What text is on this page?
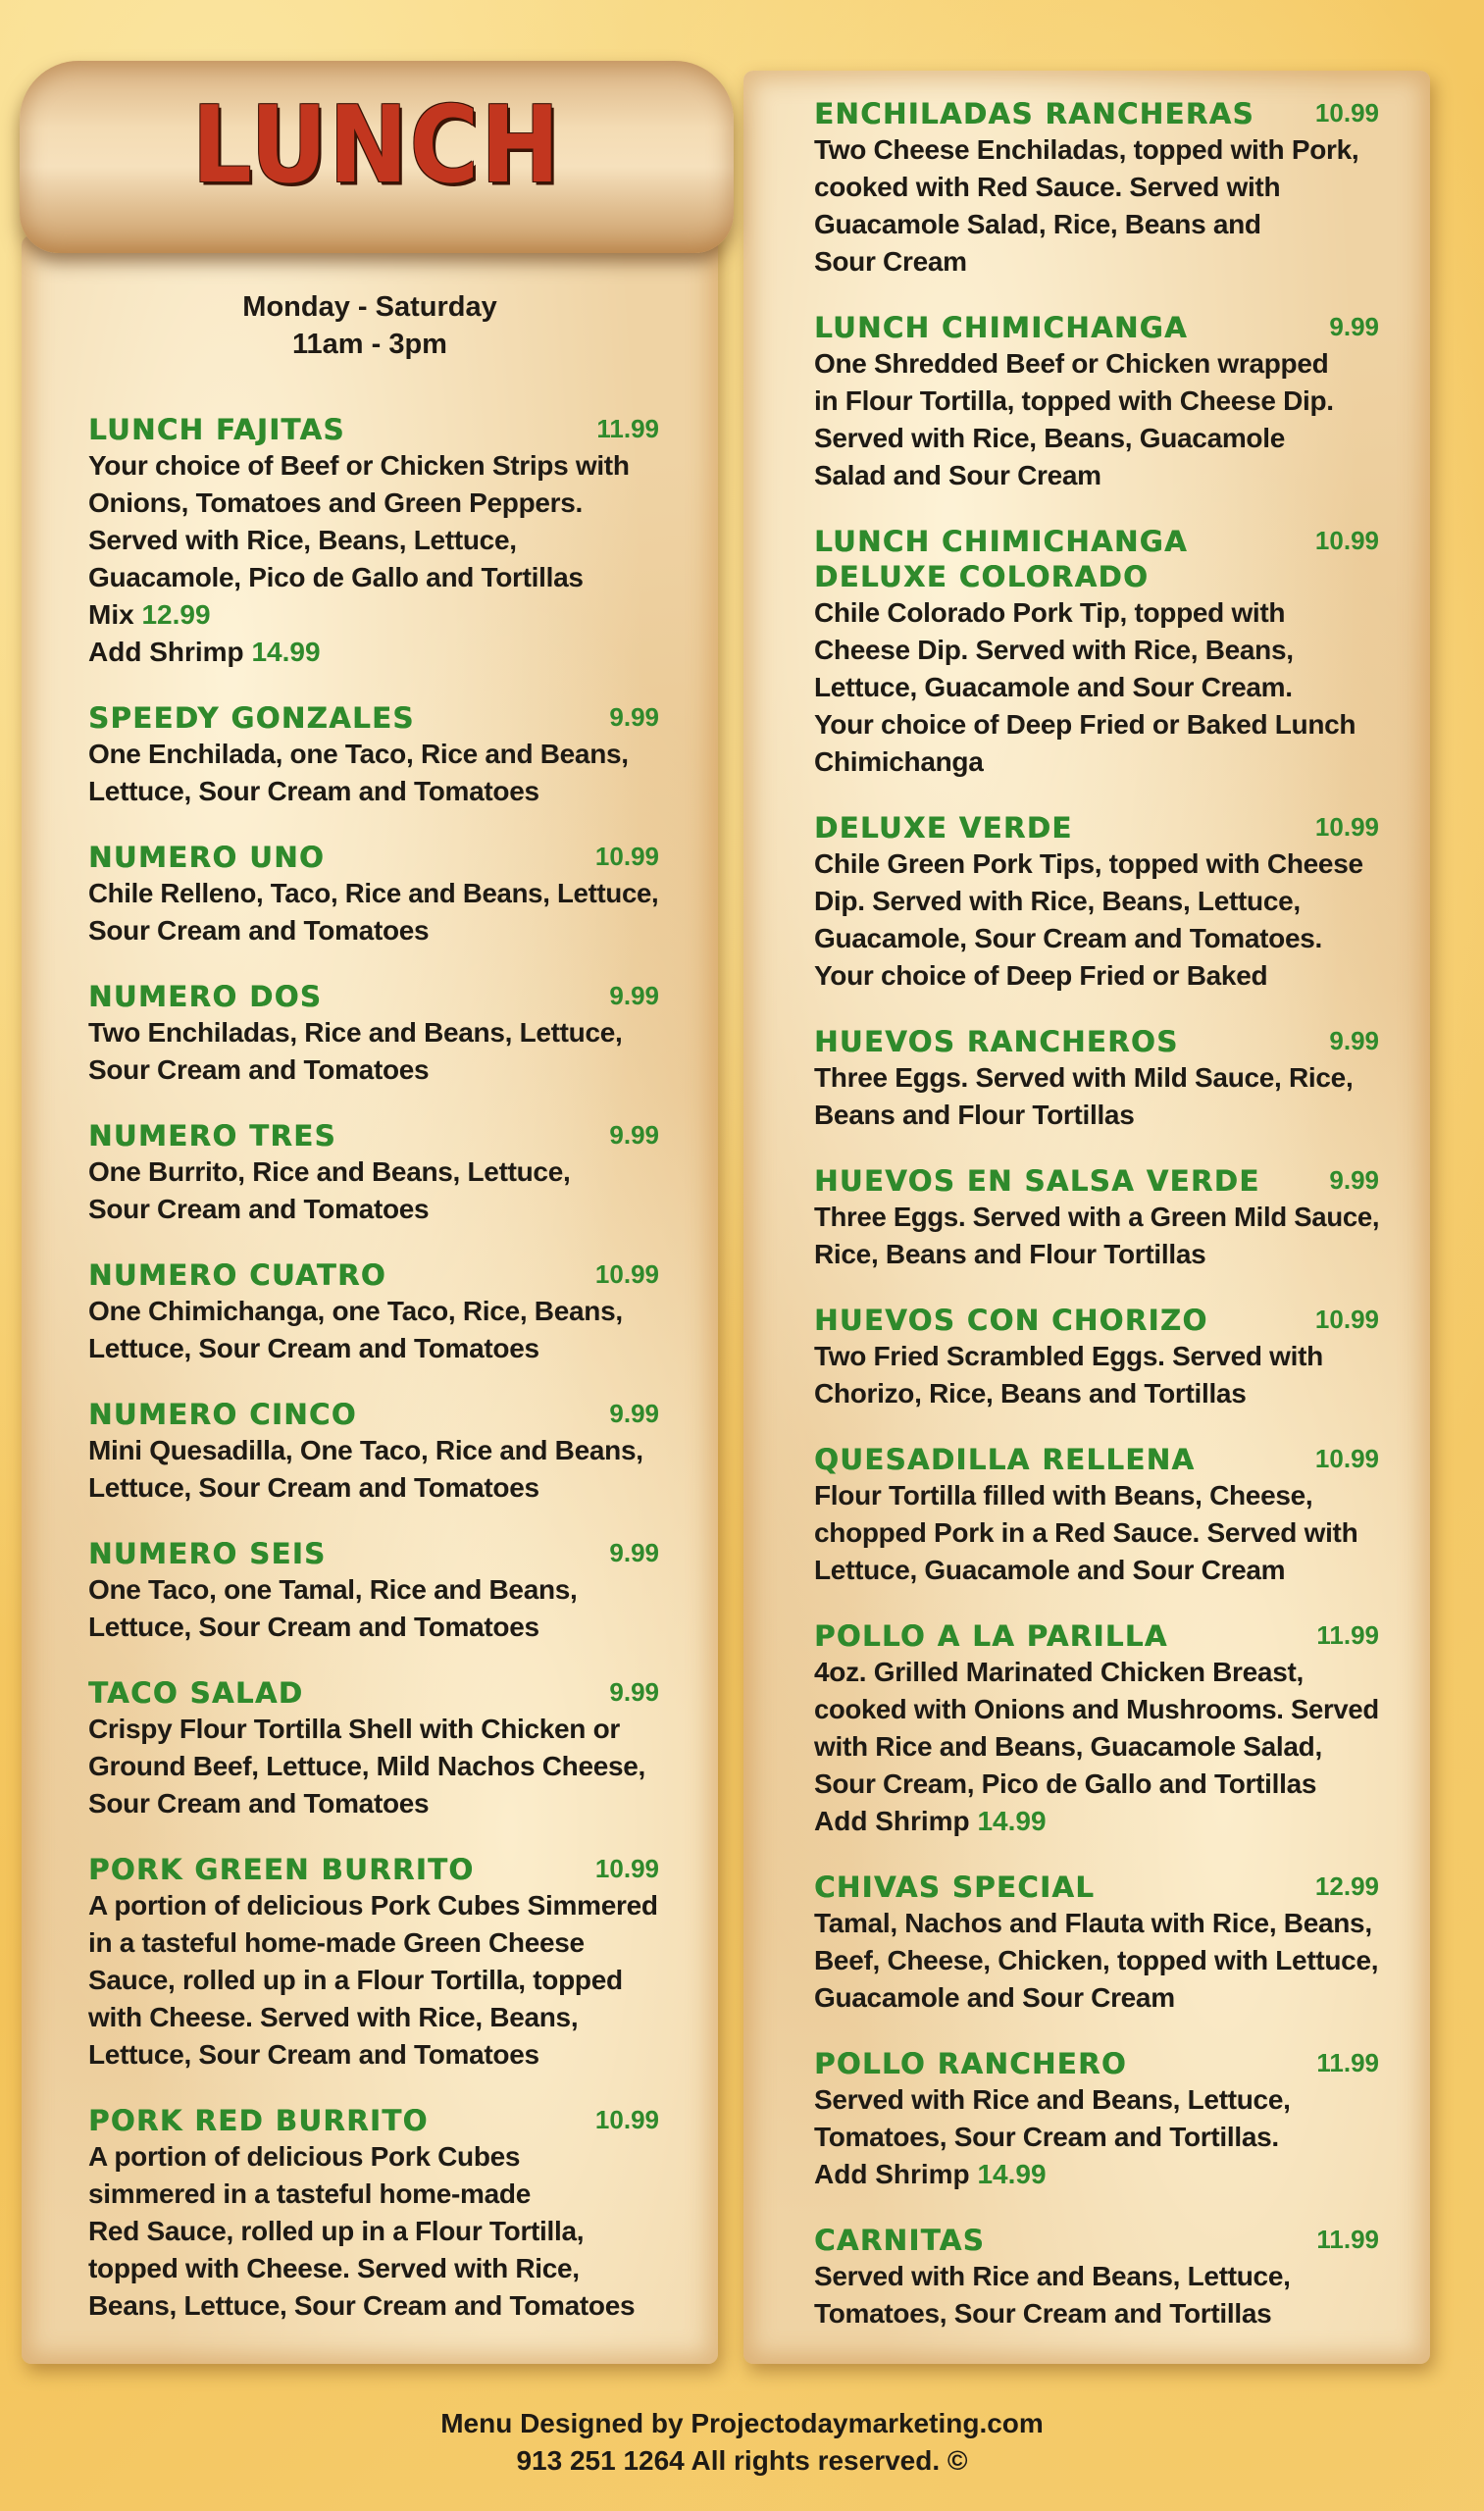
LUNCH
Monday - Saturday
11am - 3pm
LUNCH FAJITAS	11.99
Your choice of Beef or Chicken Strips with
Onions, Tomatoes and Green Peppers.
Served with Rice, Beans, Lettuce,
Guacamole, Pico de Gallo and Tortillas
Mix 12.99
Add Shrimp 14.99
SPEEDY GONZALES	9.99
One Enchilada, one Taco, Rice and Beans,
Lettuce, Sour Cream and Tomatoes
NUMERO UNO	10.99
Chile Relleno, Taco, Rice and Beans, Lettuce,
Sour Cream and Tomatoes
NUMERO DOS	9.99
Two Enchiladas, Rice and Beans, Lettuce,
Sour Cream and Tomatoes
NUMERO TRES	9.99
One Burrito, Rice and Beans, Lettuce,
Sour Cream and Tomatoes
NUMERO CUATRO	10.99
One Chimichanga, one Taco, Rice, Beans,
Lettuce, Sour Cream and Tomatoes
NUMERO CINCO	9.99
Mini Quesadilla, One Taco, Rice and Beans,
Lettuce, Sour Cream and Tomatoes
NUMERO SEIS	9.99
One Taco, one Tamal, Rice and Beans,
Lettuce, Sour Cream and Tomatoes
TACO SALAD	9.99
Crispy Flour Tortilla Shell with Chicken or
Ground Beef, Lettuce, Mild Nachos Cheese,
Sour Cream and Tomatoes
PORK GREEN BURRITO	10.99
A portion of delicious Pork Cubes Simmered
in a tasteful home-made Green Cheese
Sauce, rolled up in a Flour Tortilla, topped
with Cheese. Served with Rice, Beans,
Lettuce, Sour Cream and Tomatoes
PORK RED BURRITO	10.99
A portion of delicious Pork Cubes
simmered in a tasteful home-made
Red Sauce, rolled up in a Flour Tortilla,
topped with Cheese. Served with Rice,
Beans, Lettuce, Sour Cream and Tomatoes
ENCHILADAS RANCHERAS	10.99
Two Cheese Enchiladas, topped with Pork,
cooked with Red Sauce. Served with
Guacamole Salad, Rice, Beans and
Sour Cream
LUNCH CHIMICHANGA	9.99
One Shredded Beef or Chicken wrapped
in Flour Tortilla, topped with Cheese Dip.
Served with Rice, Beans, Guacamole
Salad and Sour Cream
LUNCH CHIMICHANGA DELUXE COLORADO
10.99
Chile Colorado Pork Tip, topped with
Cheese Dip. Served with Rice, Beans,
Lettuce, Guacamole and Sour Cream.
Your choice of Deep Fried or Baked Lunch
Chimichanga
DELUXE VERDE	10.99
Chile Green Pork Tips, topped with Cheese
Dip. Served with Rice, Beans, Lettuce,
Guacamole, Sour Cream and Tomatoes.
Your choice of Deep Fried or Baked
HUEVOS RANCHEROS	9.99
Three Eggs. Served with Mild Sauce, Rice,
Beans and Flour Tortillas
HUEVOS EN SALSA VERDE	9.99
Three Eggs. Served with a Green Mild Sauce,
Rice, Beans and Flour Tortillas
HUEVOS CON CHORIZO	10.99
Two Fried Scrambled Eggs. Served with
Chorizo, Rice, Beans and Tortillas
QUESADILLA RELLENA	10.99
Flour Tortilla filled with Beans, Cheese,
chopped Pork in a Red Sauce. Served with
Lettuce, Guacamole and Sour Cream
POLLO A LA PARILLA	11.99
4oz. Grilled Marinated Chicken Breast,
cooked with Onions and Mushrooms. Served
with Rice and Beans, Guacamole Salad,
Sour Cream, Pico de Gallo and Tortillas
Add Shrimp 14.99
CHIVAS SPECIAL	12.99
Tamal, Nachos and Flauta with Rice, Beans,
Beef, Cheese, Chicken, topped with Lettuce,
Guacamole and Sour Cream
POLLO RANCHERO	11.99
Served with Rice and Beans, Lettuce,
Tomatoes, Sour Cream and Tortillas.
Add Shrimp 14.99
CARNITAS	11.99
Served with Rice and Beans, Lettuce,
Tomatoes, Sour Cream and Tortillas
Menu Designed by Projectodaymarketing.com
913 251 1264 All rights reserved. ©
